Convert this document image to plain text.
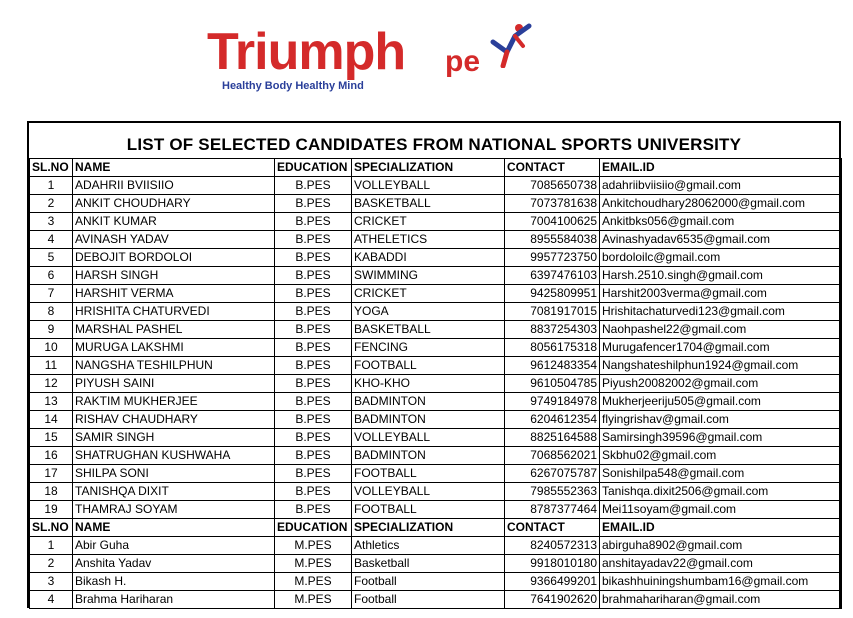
Triumph pe
Healthy Body Healthy Mind
LIST OF SELECTED CANDIDATES FROM NATIONAL SPORTS UNIVERSITY
SL.NO	NAME	EDUCATION	SPECIALIZATION	CONTACT	EMAIL.ID
1	ADAHRII BVIISIIO	B.PES	VOLLEYBALL	7085650738	adahriibviisiio@gmail.com
2	ANKIT CHOUDHARY	B.PES	BASKETBALL	7073781638	Ankitchoudhary28062000@gmail.com
3	ANKIT KUMAR	B.PES	CRICKET	7004100625	Ankitbks056@gmail.com
4	AVINASH YADAV	B.PES	ATHELETICS	8955584038	Avinashyadav6535@gmail.com
5	DEBOJIT BORDOLOI	B.PES	KABADDI	9957723750	bordoloilc@gmail.com
6	HARSH SINGH	B.PES	SWIMMING	6397476103	Harsh.2510.singh@gmail.com
7	HARSHIT VERMA	B.PES	CRICKET	9425809951	Harshit2003verma@gmail.com
8	HRISHITA CHATURVEDI	B.PES	YOGA	7081917015	Hrishitachaturvedi123@gmail.com
9	MARSHAL PASHEL	B.PES	BASKETBALL	8837254303	Naohpashel22@gmail.com
10	MURUGA LAKSHMI	B.PES	FENCING	8056175318	Murugafencer1704@gmail.com
11	NANGSHA TESHILPHUN	B.PES	FOOTBALL	9612483354	Nangshateshilphun1924@gmail.com
12	PIYUSH SAINI	B.PES	KHO-KHO	9610504785	Piyush20082002@gmail.com
13	RAKTIM MUKHERJEE	B.PES	BADMINTON	9749184978	Mukherjeeriju505@gmail.com
14	RISHAV CHAUDHARY	B.PES	BADMINTON	6204612354	flyingrishav@gmail.com
15	SAMIR SINGH	B.PES	VOLLEYBALL	8825164588	Samirsingh39596@gmail.com
16	SHATRUGHAN KUSHWAHA	B.PES	BADMINTON	7068562021	Skbhu02@gmail.com
17	SHILPA SONI	B.PES	FOOTBALL	6267075787	Sonishilpa548@gmail.com
18	TANISHQA DIXIT	B.PES	VOLLEYBALL	7985552363	Tanishqa.dixit2506@gmail.com
19	THAMRAJ SOYAM	B.PES	FOOTBALL	8787377464	Mei11soyam@gmail.com
SL.NO	NAME	EDUCATION	SPECIALIZATION	CONTACT	EMAIL.ID
1	Abir Guha	M.PES	Athletics	8240572313	abirguha8902@gmail.com
2	Anshita Yadav	M.PES	Basketball	9918010180	anshitayadav22@gmail.com
3	Bikash H.	M.PES	Football	9366499201	bikashhuiningshumbam16@gmail.com
4	Brahma Hariharan	M.PES	Football	7641902620	brahmahariharan@gmail.com
